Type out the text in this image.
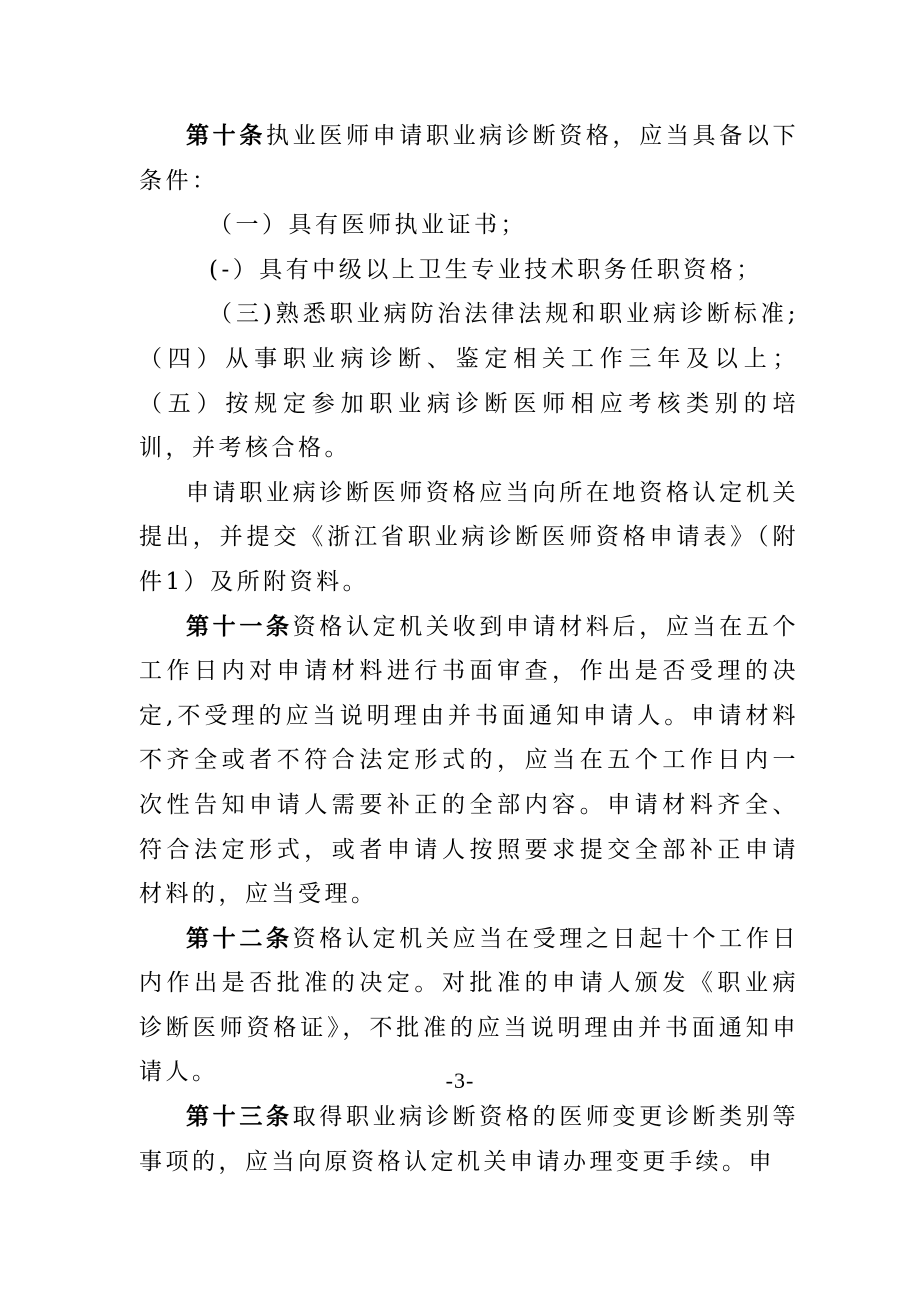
第十条执业医师申请职业病诊断资格，应当具备以下条件：

（一）具有医师执业证书；

(-）具有中级以上卫生专业技术职务任职资格；

（三)熟悉职业病防治法律法规和职业病诊断标准;（四）从事职业病诊断、鉴定相关工作三年及以上；（五）按规定参加职业病诊断医师相应考核类别的培训，并考核合格。

申请职业病诊断医师资格应当向所在地资格认定机关提出，并提交《浙江省职业病诊断医师资格申请表》（附件1）及所附资料。

第十一条资格认定机关收到申请材料后，应当在五个工作日内对申请材料进行书面审查，作出是否受理的决定,不受理的应当说明理由并书面通知申请人。申请材料不齐全或者不符合法定形式的，应当在五个工作日内一次性告知申请人需要补正的全部内容。申请材料齐全、符合法定形式，或者申请人按照要求提交全部补正申请材料的，应当受理。

第十二条资格认定机关应当在受理之日起十个工作日内作出是否批准的决定。对批准的申请人颁发《职业病诊断医师资格证》，不批准的应当说明理由并书面通知申请人。

第十三条取得职业病诊断资格的医师变更诊断类别等事项的，应当向原资格认定机关申请办理变更手续。申

-3-
